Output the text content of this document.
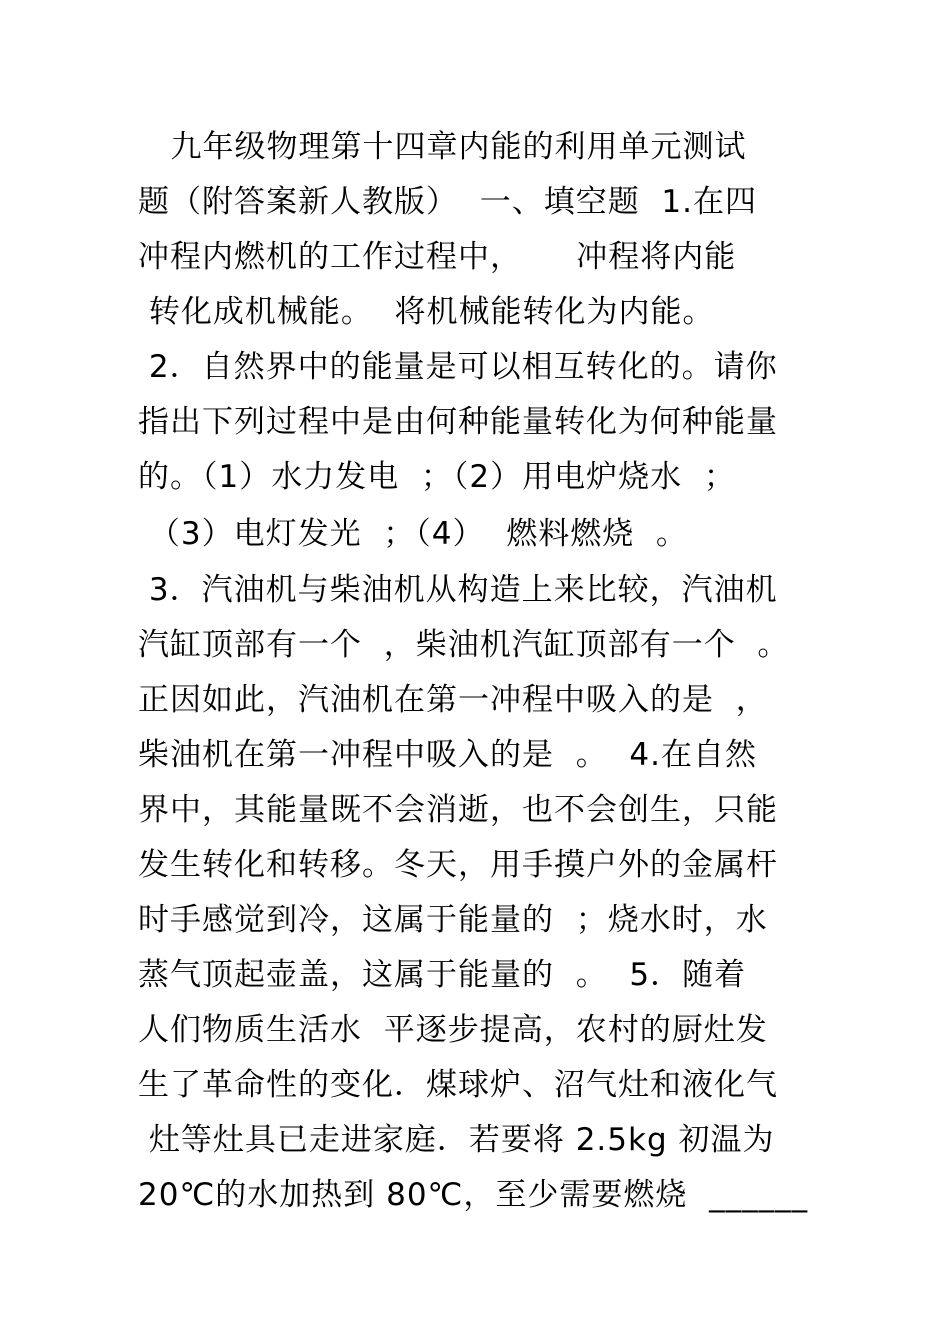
九年级物理第十四章内能的利用单元测试
题（附答案新人教版）  一、填空题  1.在四
冲程内燃机的工作过程中，     冲程将内能
转化成机械能。  将机械能转化为内能。
2．自然界中的能量是可以相互转化的。请你
指出下列过程中是由何种能量转化为何种能量
的。（1）水力发电  ；（2）用电炉烧水  ；
（3）电灯发光  ；（4）  燃料燃烧  。
3．汽油机与柴油机从构造上来比较，汽油机
汽缸顶部有一个  ，柴油机汽缸顶部有一个  。
正因如此，汽油机在第一冲程中吸入的是  ，
柴油机在第一冲程中吸入的是  。  4.在自然
界中，其能量既不会消逝，也不会创生，只能
发生转化和转移。冬天，用手摸户外的金属杆
时手感觉到冷，这属于能量的  ；烧水时，水
蒸气顶起壶盖，这属于能量的  。  5．随着
人们物质生活水  平逐步提高，农村的厨灶发
生了革命性的变化．煤球炉、沼气灶和液化气
灶等灶具已走进家庭．若要将 2.5kg 初温为
20℃的水加热到 80℃，至少需要燃烧  ______
